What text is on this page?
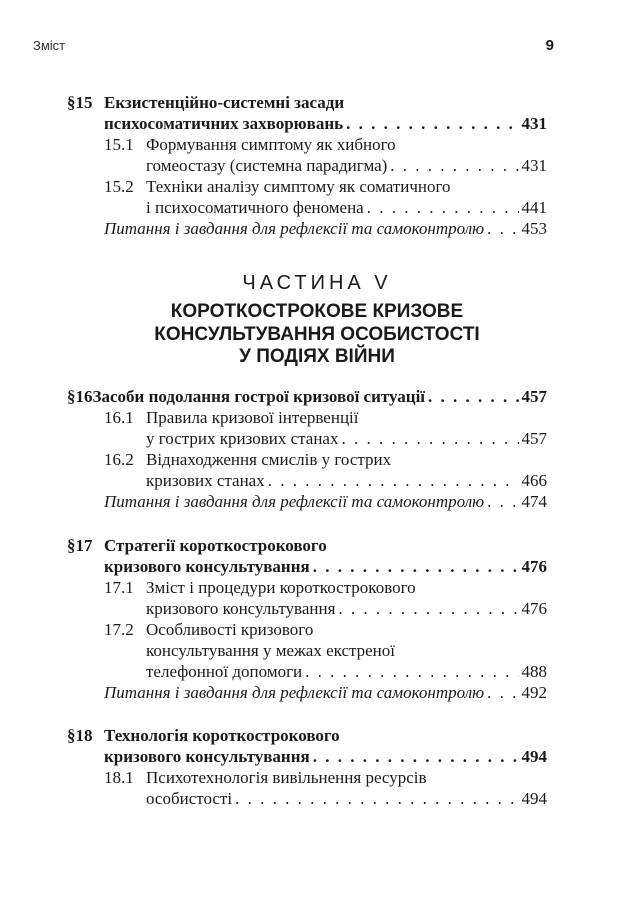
Зміст	9
§15 Екзистенційно-системні засади
психосоматичних захворювань . . .	431
15.1 Формування симптому як хибного
гомеостазу (системна парадигма) . . .	431
15.2 Техніки аналізу симптому як соматичного
і психосоматичного феномена . . .	441
Питання і завдання для рефлексії та самоконтролю . . . 453
ЧАСТИНА V
КОРОТКОСТРОКОВЕ КРИЗОВЕ
КОНСУЛЬТУВАННЯ ОСОБИСТОСТІ
У ПОДІЯХ ВІЙНИ
§16 Засоби подолання гострої кризової ситуації . . .	457
16.1 Правила кризової інтервенції
у гострих кризових станах . . .	457
16.2 Віднаходження смислів у гострих
кризових станах . . .	466
Питання і завдання для рефлексії та самоконтролю . . . 474
§17 Стратегії короткострокового
кризового консультування . . .	476
17.1 Зміст і процедури короткострокового
кризового консультування . . .	476
17.2 Особливості кризового
консультування у межах екстреної
телефонної допомоги . . .	488
Питання і завдання для рефлексії та самоконтролю . . . 492
§18 Технологія короткострокового
кризового консультування . . .	494
18.1 Психотехнологія вивільнення ресурсів
особистості . . .	494
